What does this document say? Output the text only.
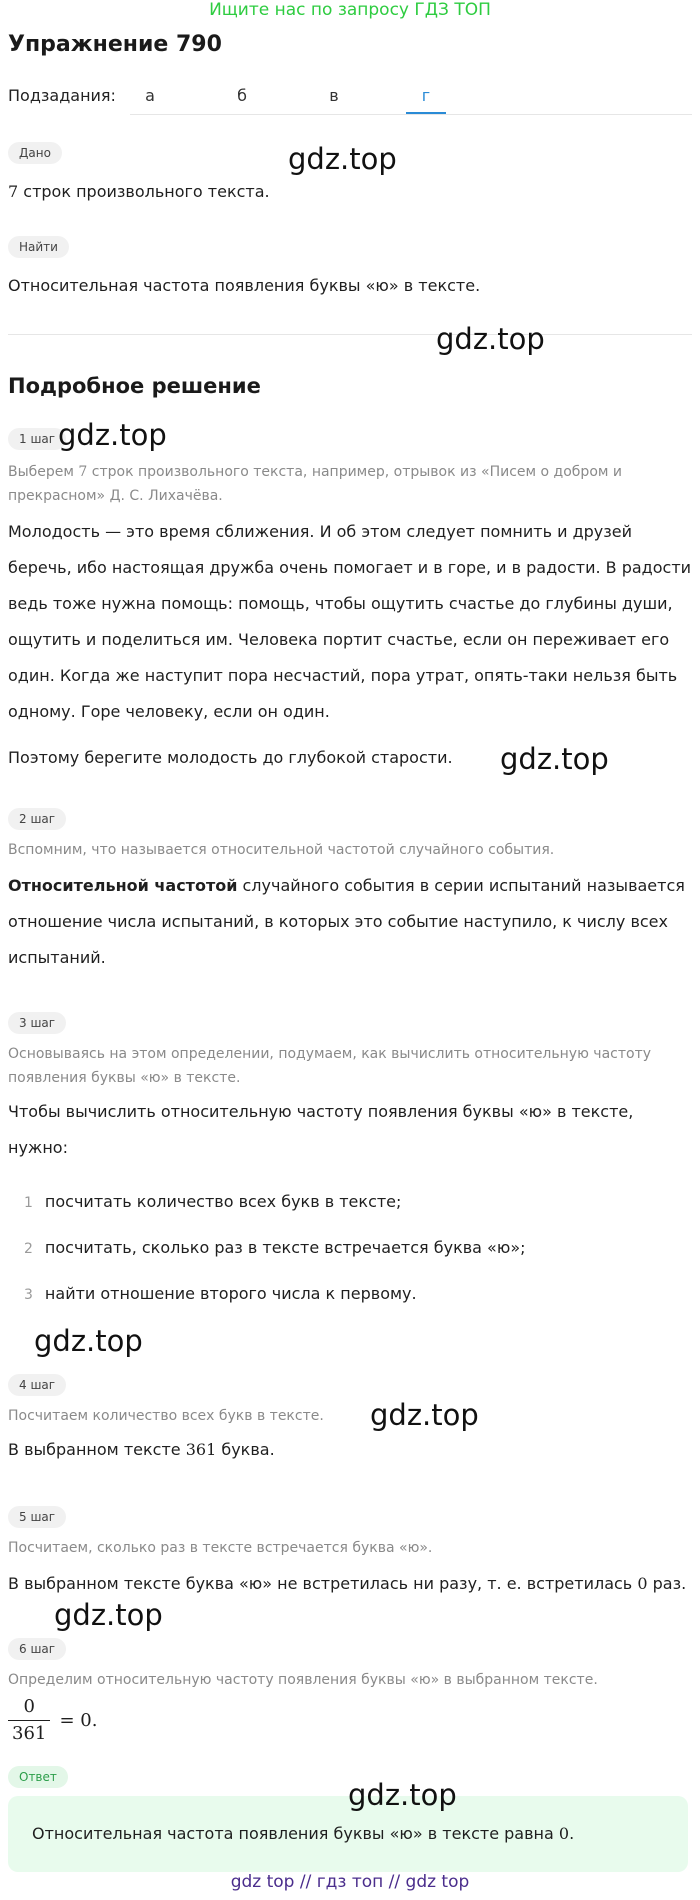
Ищите нас по запросу ГДЗ ТОП
Упражнение 790
Подзадания:	а	б	в	г
Дано	gdz.top
7 строк произвольного текста.
Найти
Относительная частота появления буквы «ю» в тексте.
gdz.top
Подробное решение
1 шаг gdz.top
Выберем 7 строк произвольного текста, например, отрывок из «Писем о добром и
прекрасном» Д. С. Лихачёва.
Молодость — это время сближения. И об этом следует помнить и друзей
беречь, ибо настоящая дружба очень помогает и в горе, и в радости. В радости
ведь тоже нужна помощь: помощь, чтобы ощутить счастье до глубины души,
ощутить и поделиться им. Человека портит счастье, если он переживает его
один. Когда же наступит пора несчастий, пора утрат, опять-таки нельзя быть
одному. Горе человеку, если он один.
Поэтому берегите молодость до глубокой старости. gdz.top
2 шаг
Вспомним, что называется относительной частотой случайного события.
Относительной частотой случайного события в серии испытаний называется
отношение числа испытаний, в которых это событие наступило, к числу всех
испытаний.
3 шаг
Основываясь на этом определении, подумаем, как вычислить относительную частоту
появления буквы «ю» в тексте.
Чтобы вычислить относительную частоту появления буквы «ю» в тексте,
нужно:
1 посчитать количество всех букв в тексте;
2 посчитать, сколько раз в тексте встречается буква «ю»;
3 найти отношение второго числа к первому.
gdz.top
4 шаг
Посчитаем количество всех букв в тексте. gdz.top
В выбранном тексте 361 буква.
5 шаг
Посчитаем, сколько раз в тексте встречается буква «ю».
В выбранном тексте буква «ю» не встретилась ни разу, т. е. встретилась 0 раз.
gdz.top
6 шаг
Определим относительную частоту появления буквы «ю» в выбранном тексте.
$\frac{0}{361} = 0$.
Ответ
Относительная частота появления буквы «ю» в тексте равна 0.
gdz.top
gdz top // гдз топ // gdz top
